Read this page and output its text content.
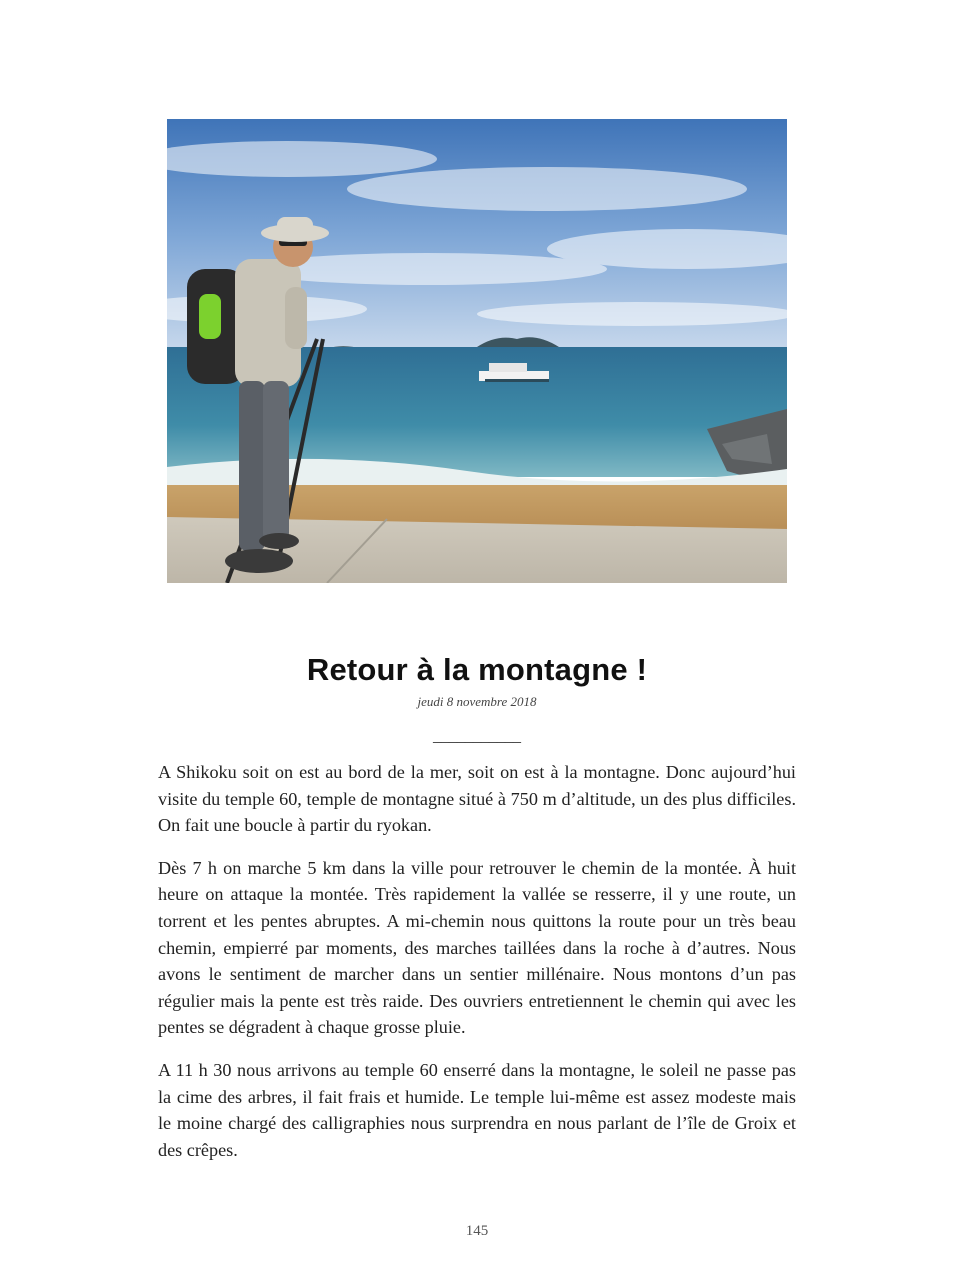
Retour à la montagne !
jeudi 8 novembre 2018
___________

A Shikoku soit on est au bord de la mer, soit on est à la montagne. Donc aujourd’hui visite du temple 60, temple de montagne situé à 750 m d’altitude, un des plus difficiles. On fait une boucle à partir du ryokan.

Dès 7 h on marche 5 km dans la ville pour retrouver le chemin de la montée. À huit heure on attaque la montée. Très rapidement la vallée se resserre, il y une route, un torrent et les pentes abruptes. A mi-chemin nous quittons la route pour un très beau chemin, empierré par moments, des marches taillées dans la roche à d’autres. Nous avons le sentiment de marcher dans un sentier millénaire. Nous montons d’un pas régulier mais la pente est très raide. Des ouvriers entretiennent le chemin qui avec les pentes se dégradent à chaque grosse pluie.

A 11 h 30 nous arrivons au temple 60 enserré dans la montagne, le soleil ne passe pas la cime des arbres, il fait frais et humide. Le temple lui-même est assez modeste mais le moine chargé des calligraphies nous surprendra en nous parlant de l’île de Groix et des crêpes.

145
